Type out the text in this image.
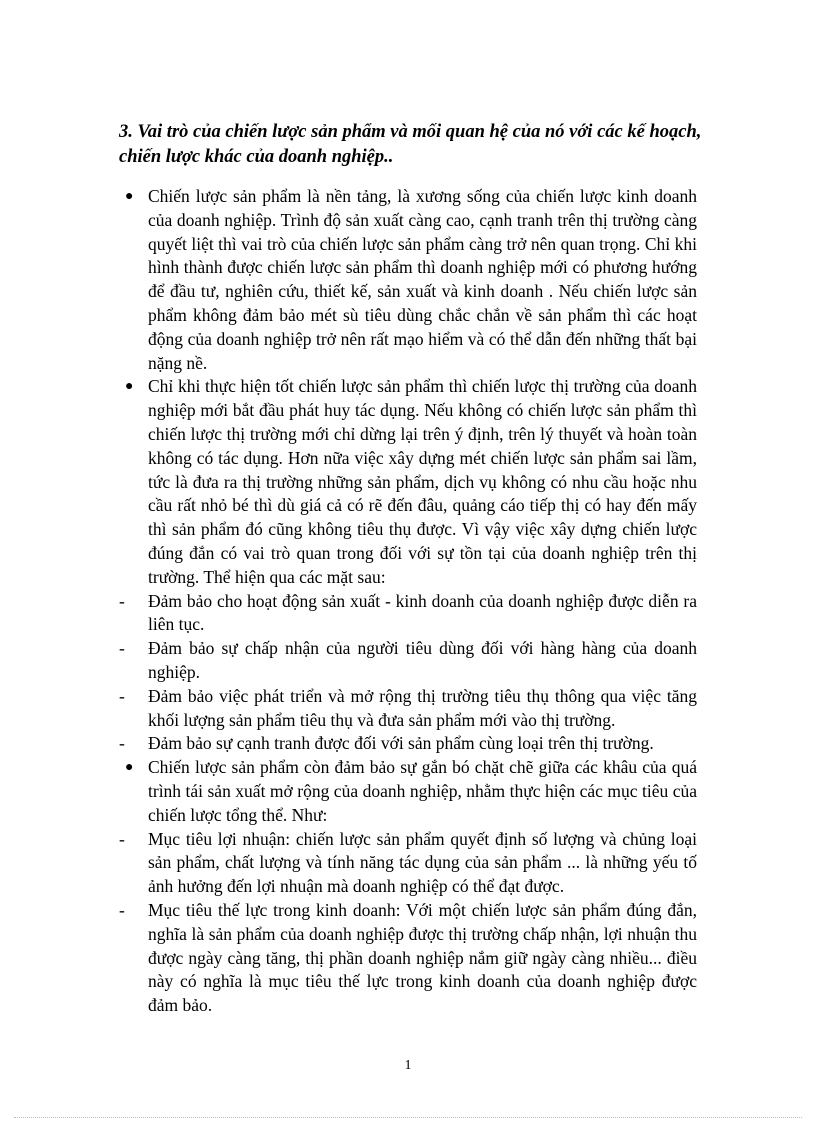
3. Vai trò của chiến lược sản phẩm và mối quan hệ của nó với các kế hoạch, chiến lược khác của doanh nghiệp..
● Chiến lược sản phẩm là nền tảng, là xương sống của chiến lược kinh doanh của doanh nghiệp. Trình độ sản xuất càng cao, cạnh tranh trên thị trường càng quyết liệt thì vai trò của chiến lược sản phẩm càng trở nên quan trọng. Chỉ khi hình thành được chiến lược sản phẩm thì doanh nghiệp mới có phương hướng để đầu tư, nghiên cứu, thiết kế, sản xuất và kinh doanh . Nếu chiến lược sản phẩm không đảm bảo mét sù tiêu dùng chắc chắn về sản phẩm thì các hoạt động của doanh nghiệp trở nên rất mạo hiểm và có thể dẫn đến những thất bại nặng nề.
● Chỉ khi thực hiện tốt chiến lược sản phẩm thì chiến lược thị trường của doanh nghiệp mới bắt đầu phát huy tác dụng. Nếu không có chiến lược sản phẩm thì chiến lược thị trường mới chỉ dừng lại trên ý định, trên lý thuyết và hoàn toàn không có tác dụng. Hơn nữa việc xây dựng mét chiến lược sản phẩm sai lầm, tức là đưa ra thị trường những sản phẩm, dịch vụ không có nhu cầu hoặc nhu cầu rất nhỏ bé thì dù giá cả có rẽ đến đâu, quảng cáo tiếp thị có hay đến mấy thì sản phẩm đó cũng không tiêu thụ được. Vì vậy việc xây dựng chiến lược đúng đắn có vai trò quan trong đối với sự tồn tại của doanh nghiệp trên thị trường. Thể hiện qua các mặt sau:
-	Đảm bảo cho hoạt động sản xuất - kinh doanh của doanh nghiệp được diễn ra liên tục.
-	Đảm bảo sự chấp nhận của người tiêu dùng đối với hàng hàng của doanh nghiệp.
-	Đảm bảo việc phát triển và mở rộng thị trường tiêu thụ thông qua việc tăng khối lượng sản phẩm tiêu thụ và đưa sản phẩm mới vào thị trường.
-	Đảm bảo sự cạnh tranh được đối với sản phẩm cùng loại trên thị trường.
● Chiến lược sản phẩm còn đảm bảo sự gắn bó chặt chẽ giữa các khâu của quá trình tái sản xuất mở rộng của doanh nghiệp, nhằm thực hiện các mục tiêu của chiến lược tổng thể. Như:
-	Mục tiêu lợi nhuận: chiến lược sản phẩm quyết định số lượng và chủng loại sản phẩm, chất lượng và tính năng tác dụng của sản phẩm ... là những yếu tố ảnh hưởng đến lợi nhuận mà doanh nghiệp có thể đạt được.
-	Mục tiêu thế lực trong kinh doanh: Với một chiến lược sản phẩm đúng đắn, nghĩa là sản phẩm của doanh nghiệp được thị trường chấp nhận, lợi nhuận thu được ngày càng tăng, thị phần doanh nghiệp nắm giữ ngày càng nhiều... điều này có nghĩa là mục tiêu thế lực trong kinh doanh của doanh nghiệp được đảm bảo.
1
